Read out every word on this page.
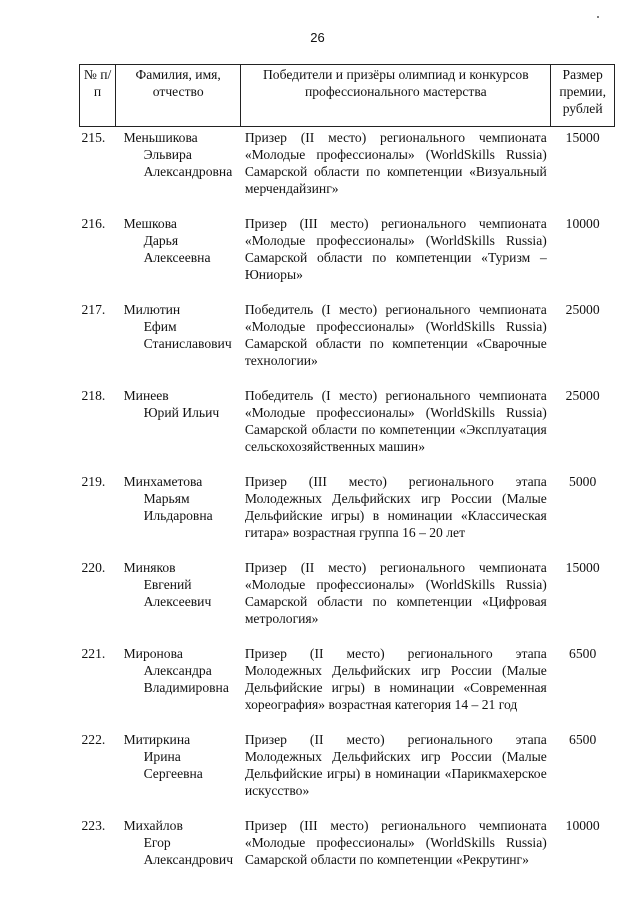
26
№ п/п	Фамилия, имя, отчество	Победители и призёры олимпиад и конкурсов профессионального мастерства	Размер премии, рублей
215.	Меньшикова
Эльвира
Александровна	Призер (II место) регионального чемпионата «Молодые профессионалы» (WorldSkills Russia) Самарской области по компетенции «Визуальный мерчендайзинг»	15000
216.	Мешкова
Дарья
Алексеевна	Призер (III место) регионального чемпионата «Молодые профессионалы» (WorldSkills Russia) Самарской области по компетенции «Туризм – Юниоры»	10000
217.	Милютин
Ефим
Станиславович	Победитель (I место) регионального чемпионата «Молодые профессионалы» (WorldSkills Russia) Самарской области по компетенции «Сварочные технологии»	25000
218.	Минеев
Юрий Ильич	Победитель (I место) регионального чемпионата «Молодые профессионалы» (WorldSkills Russia) Самарской области по компетенции «Эксплуатация сельскохозяйственных машин»	25000
219.	Минхаметова
Марьям
Ильдаровна	Призер (III место) регионального этапа Молодежных Дельфийских игр России (Малые Дельфийские игры) в номинации «Классическая гитара» возрастная группа 16 – 20 лет	5000
220.	Миняков
Евгений
Алексеевич	Призер (II место) регионального чемпионата «Молодые профессионалы» (WorldSkills Russia) Самарской области по компетенции «Цифровая метрология»	15000
221.	Миронова
Александра
Владимировна	Призер (II место) регионального этапа Молодежных Дельфийских игр России (Малые Дельфийские игры) в номинации «Современная хореография» возрастная категория 14 – 21 год	6500
222.	Митиркина
Ирина
Сергеевна	Призер (II место) регионального этапа Молодежных Дельфийских игр России (Малые Дельфийские игры) в номинации «Парикмахерское искусство»	6500
223.	Михайлов
Егор
Александрович	Призер (III место) регионального чемпионата «Молодые профессионалы» (WorldSkills Russia) Самарской области по компетенции «Рекрутинг»	10000
